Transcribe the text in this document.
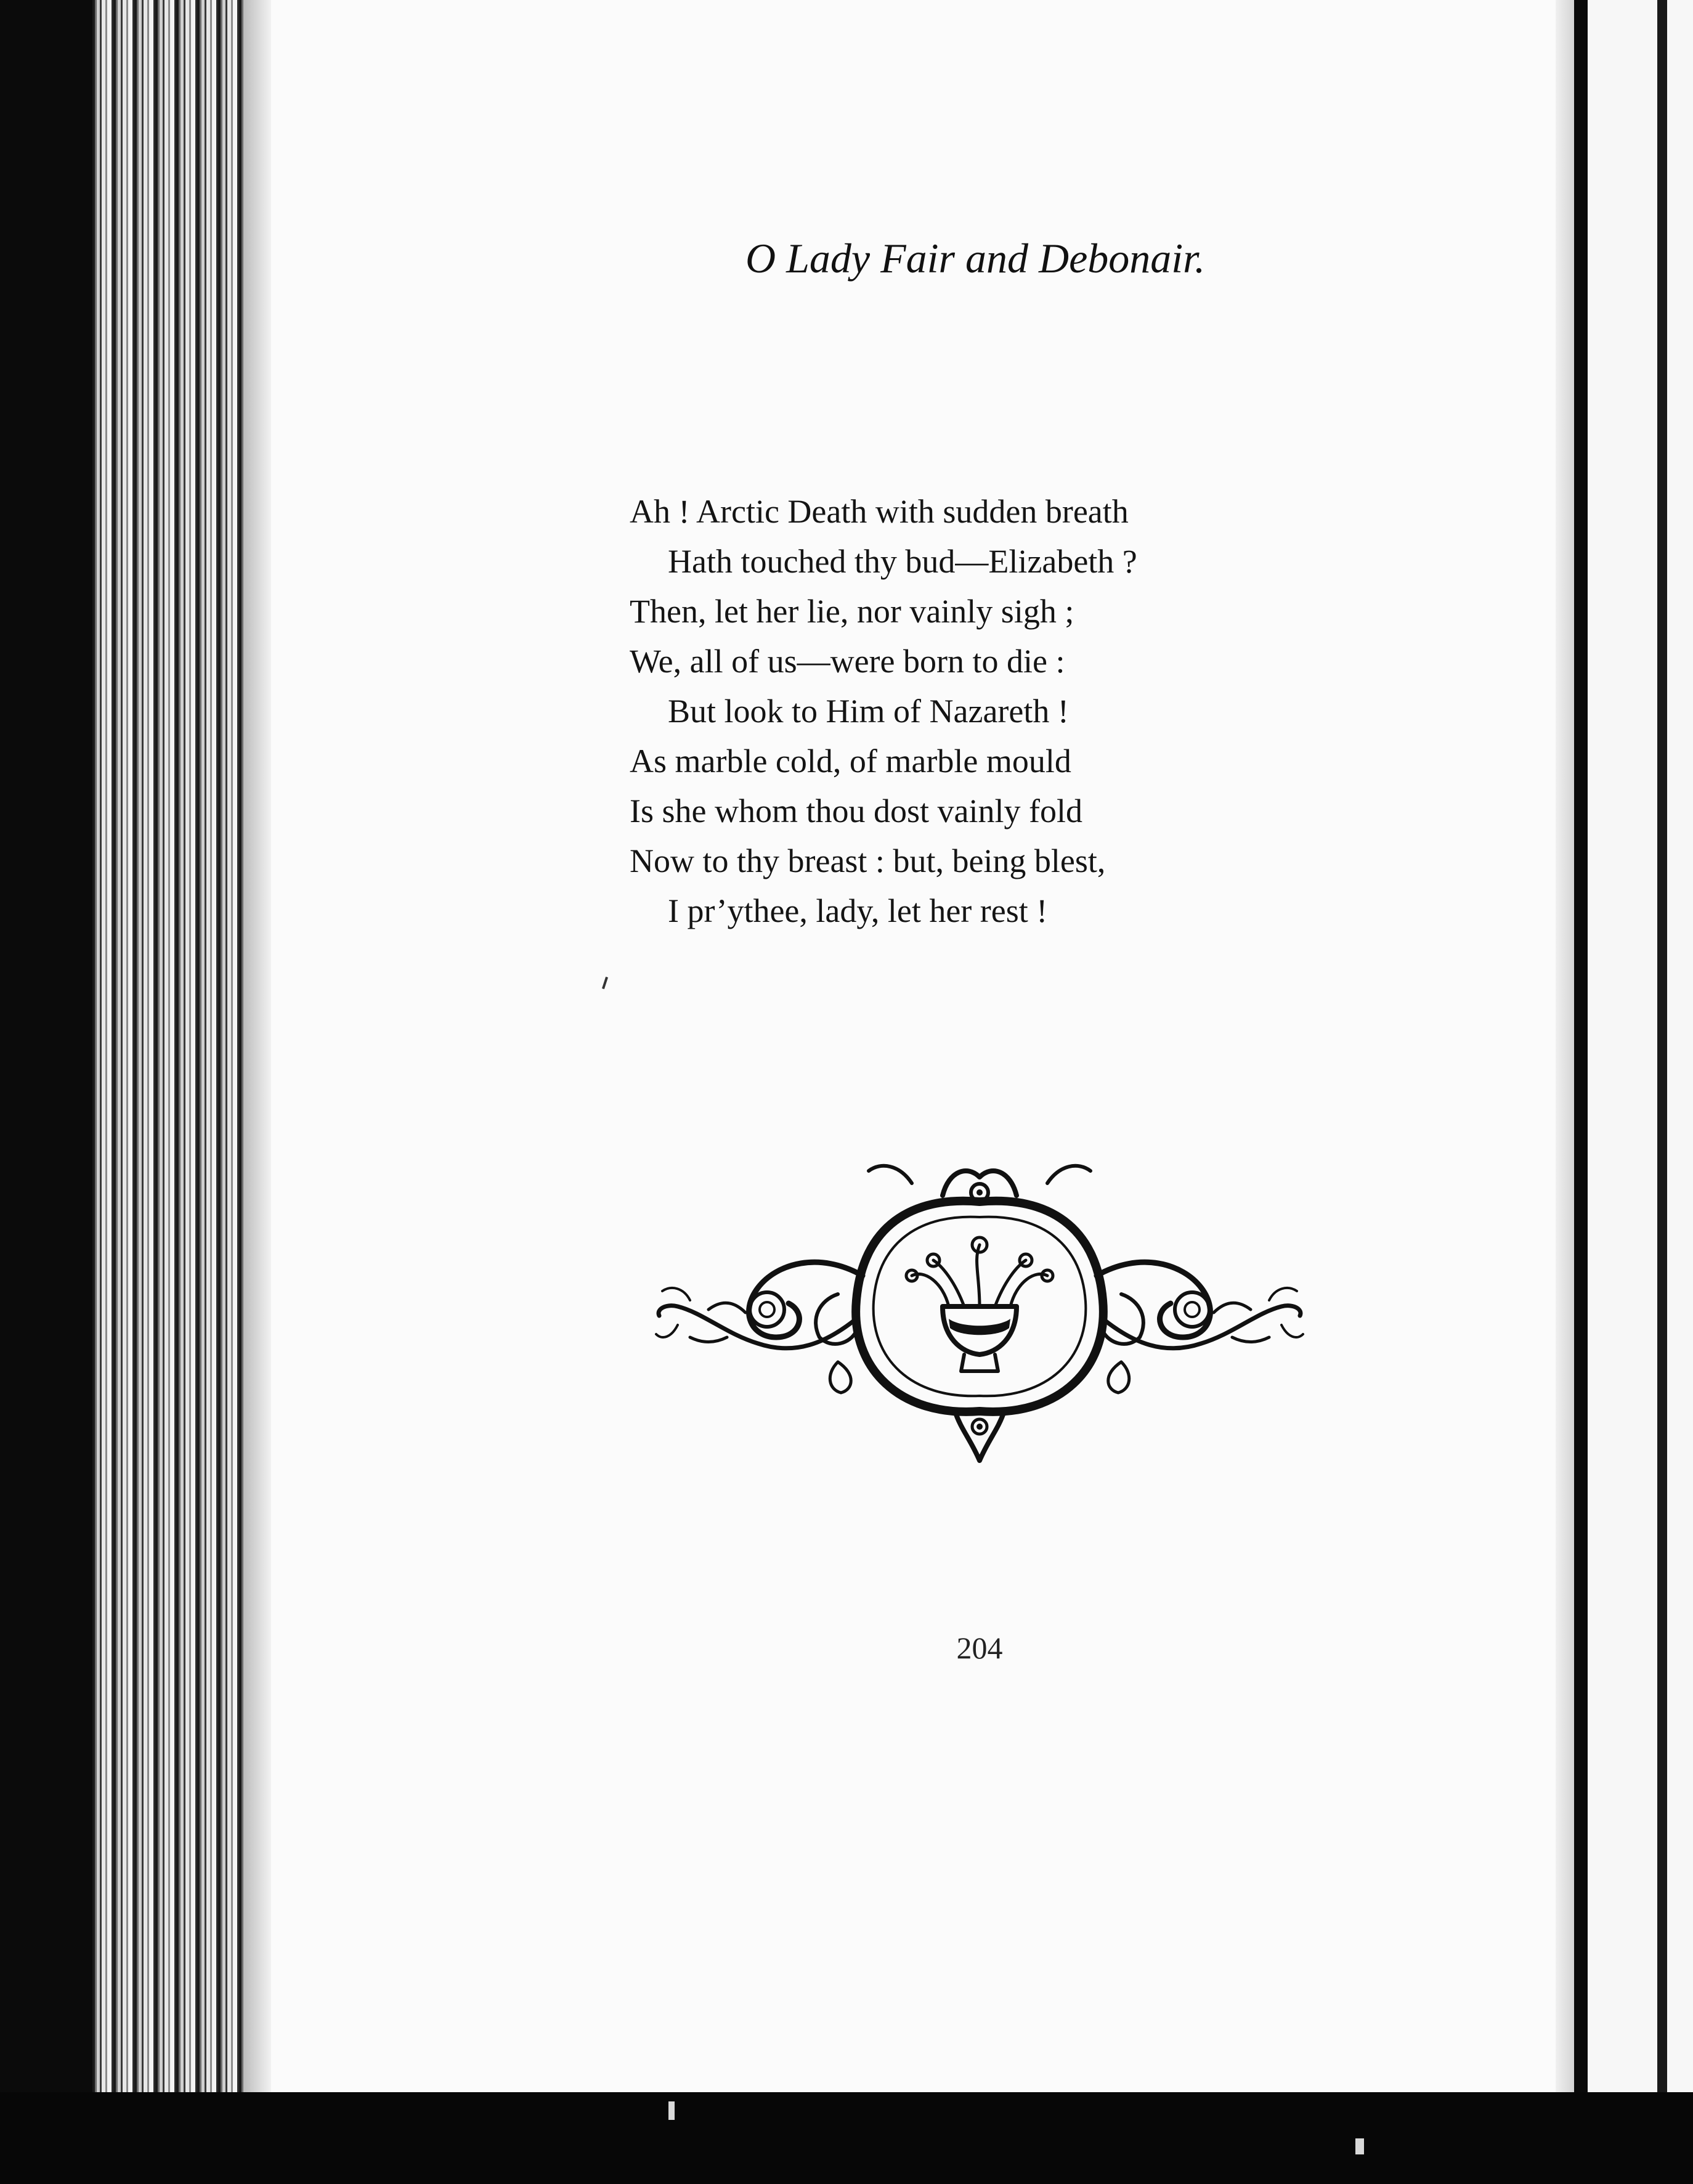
O Lady Fair and Debonair.
Ah ! Arctic Death with sudden breath
Hath touched thy bud—Elizabeth ?
Then, let her lie, nor vainly sigh ;
We, all of us—were born to die :
But look to Him of Nazareth !
As marble cold, of marble mould
Is she whom thou dost vainly fold
Now to thy breast : but, being blest,
I pr’ythee, lady, let her rest !
204
